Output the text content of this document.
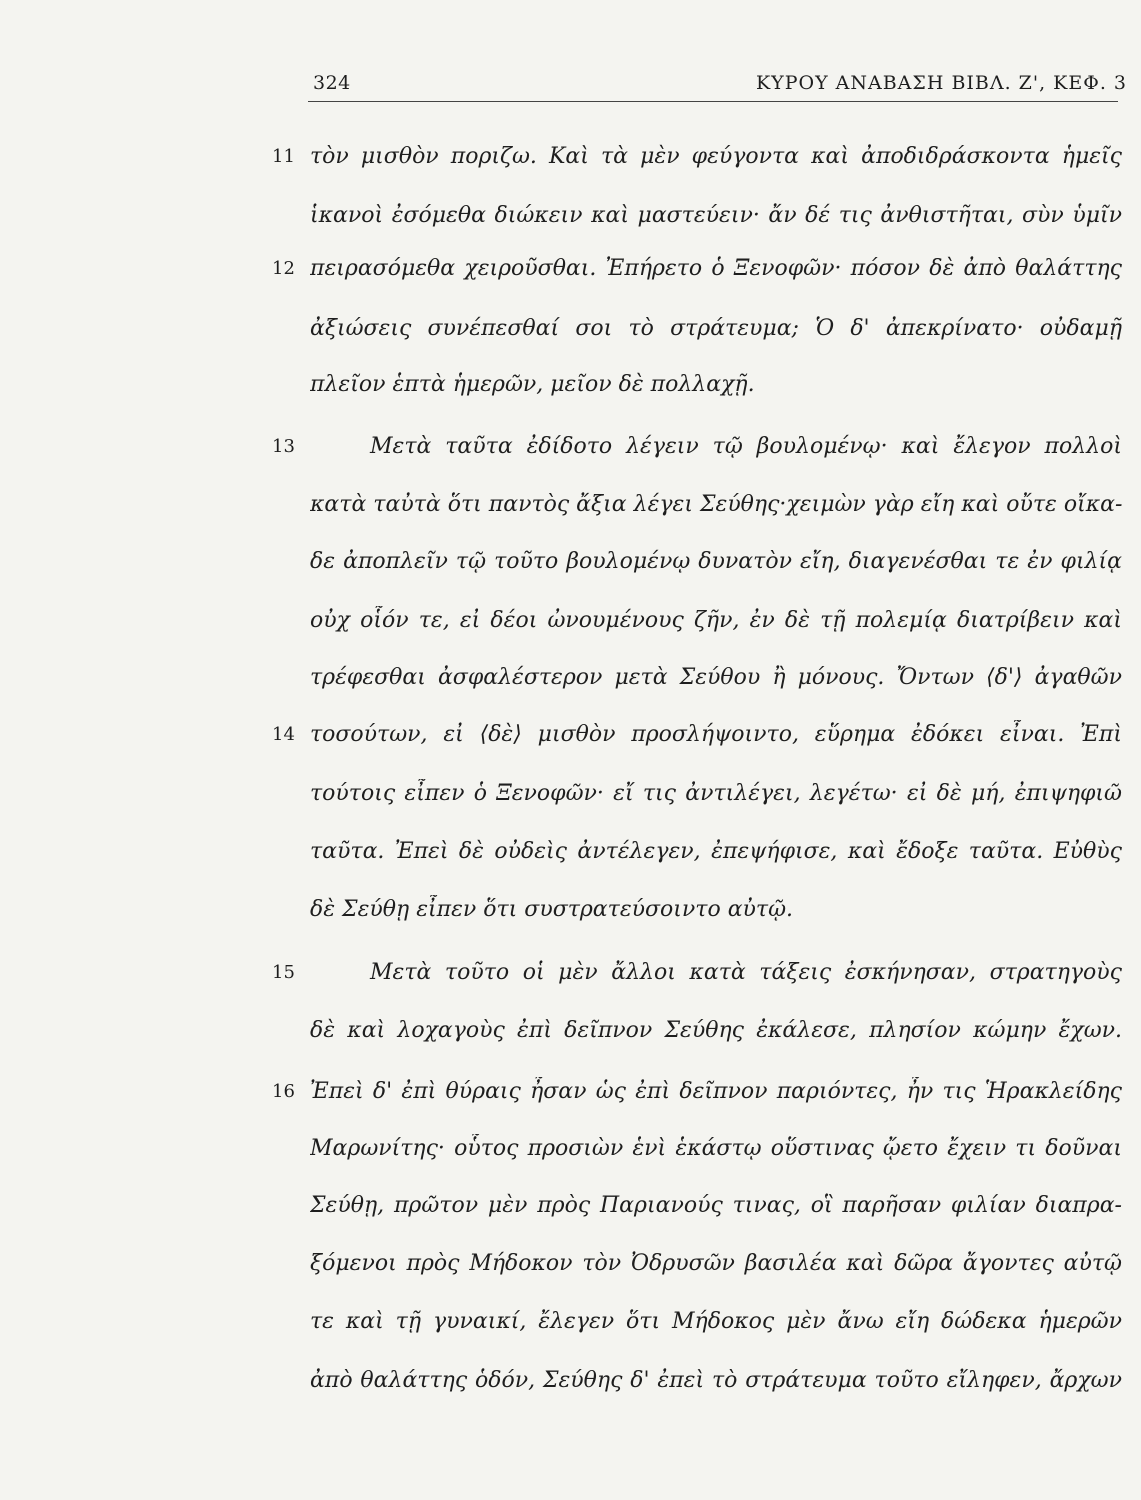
324	ΚΥΡΟΥ ΑΝΑΒΑΣΗ ΒΙΒΛ. Ζ', ΚΕΦ. 3
11
12
13
14
15
16
τὸν μισθὸν ποριζω. Καὶ τὰ μὲν φεύγοντα καὶ ἀποδιδράσκοντα ἡμεῖς
ἱκανοὶ ἐσόμεθα διώκειν καὶ μαστεύειν· ἄν δέ τις ἀνθιστῆται, σὺν ὑμῖν
πειρασόμεθα χειροῦσθαι. Ἐπήρετο ὁ Ξενοφῶν· πόσον δὲ ἀπὸ θαλάττης
ἀξιώσεις συνέπεσθαί σοι τὸ στράτευμα; Ὁ δ' ἀπεκρίνατο· οὐδαμῇ
πλεῖον ἑπτὰ ἡμερῶν, μεῖον δὲ πολλαχῇ.
Μετὰ ταῦτα ἐδίδοτο λέγειν τῷ βουλομένῳ· καὶ ἔλεγον πολλοὶ
κατὰ ταὐτὰ ὅτι παντὸς ἄξια λέγει Σεύθης·χειμὼν γὰρ εἴη καὶ οὔτε οἴκα-
δε ἀποπλεῖν τῷ τοῦτο βουλομένῳ δυνατὸν εἴη, διαγενέσθαι τε ἐν φιλίᾳ
οὐχ οἷόν τε, εἰ δέοι ὠνουμένους ζῆν, ἐν δὲ τῇ πολεμίᾳ διατρίβειν καὶ
τρέφεσθαι ἀσφαλέστερον μετὰ Σεύθου ἢ μόνους. Ὄντων ⟨δ'⟩ ἀγαθῶν
τοσούτων, εἰ ⟨δὲ⟩ μισθὸν προσλήψοιντο, εὕρημα ἐδόκει εἶναι. Ἐπὶ
τούτοις εἶπεν ὁ Ξενοφῶν· εἴ τις ἀντιλέγει, λεγέτω· εἰ δὲ μή, ἐπιψηφιῶ
ταῦτα. Ἐπεὶ δὲ οὐδεὶς ἀντέλεγεν, ἐπεψήφισε, καὶ ἔδοξε ταῦτα. Εὐθὺς
δὲ Σεύθῃ εἶπεν ὅτι συστρατεύσοιντο αὐτῷ.
Μετὰ τοῦτο οἱ μὲν ἄλλοι κατὰ τάξεις ἐσκήνησαν, στρατηγοὺς
δὲ καὶ λοχαγοὺς ἐπὶ δεῖπνον Σεύθης ἐκάλεσε, πλησίον κώμην ἔχων.
Ἐπεὶ δ' ἐπὶ θύραις ἦσαν ὡς ἐπὶ δεῖπνον παριόντες, ἦν τις Ἡρακλείδης
Μαρωνίτης· οὗτος προσιὼν ἑνὶ ἑκάστῳ οὕστινας ᾤετο ἔχειν τι δοῦναι
Σεύθῃ, πρῶτον μὲν πρὸς Παριανούς τινας, οἳ παρῆσαν φιλίαν διαπρα-
ξόμενοι πρὸς Μήδοκον τὸν Ὀδρυσῶν βασιλέα καὶ δῶρα ἄγοντες αὐτῷ
τε καὶ τῇ γυναικί, ἔλεγεν ὅτι Μήδοκος μὲν ἄνω εἴη δώδεκα ἡμερῶν
ἀπὸ θαλάττης ὁδόν, Σεύθης δ' ἐπεὶ τὸ στράτευμα τοῦτο εἴληφεν, ἄρχων
